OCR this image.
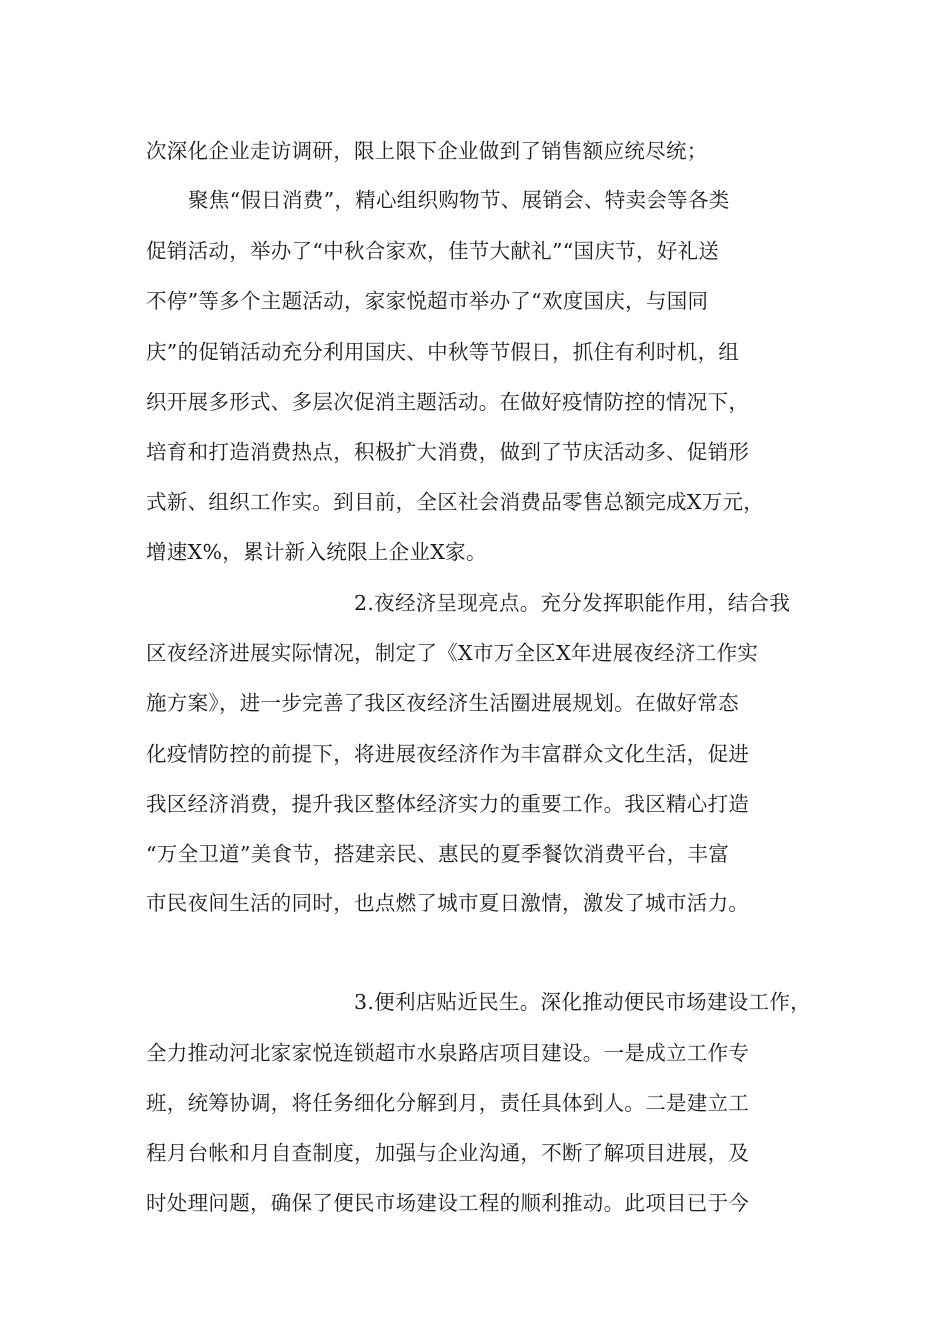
次深化企业走访调研，限上限下企业做到了销售额应统尽统；
聚焦“假日消费”，精心组织购物节、展销会、特卖会等各类
促销活动，举办了“中秋合家欢，佳节大献礼”“国庆节，好礼送
不停”等多个主题活动，家家悦超市举办了“欢度国庆，与国同
庆”的促销活动充分利用国庆、中秋等节假日，抓住有利时机，组
织开展多形式、多层次促消主题活动。在做好疫情防控的情况下，
培育和打造消费热点，积极扩大消费，做到了节庆活动多、促销形
式新、组织工作实。到目前，全区社会消费品零售总额完成X万元，
增速X%，累计新入统限上企业X家。
2.夜经济呈现亮点。充分发挥职能作用，结合我
区夜经济进展实际情况，制定了《X市万全区X年进展夜经济工作实
施方案》，进一步完善了我区夜经济生活圈进展规划。在做好常态
化疫情防控的前提下，将进展夜经济作为丰富群众文化生活，促进
我区经济消费，提升我区整体经济实力的重要工作。我区精心打造
“万全卫道”美食节，搭建亲民、惠民的夏季餐饮消费平台，丰富
市民夜间生活的同时，也点燃了城市夏日激情，激发了城市活力。
3.便利店贴近民生。深化推动便民市场建设工作，
全力推动河北家家悦连锁超市水泉路店项目建设。一是成立工作专
班，统筹协调，将任务细化分解到月，责任具体到人。二是建立工
程月台帐和月自查制度，加强与企业沟通，不断了解项目进展，及
时处理问题，确保了便民市场建设工程的顺利推动。此项目已于今
